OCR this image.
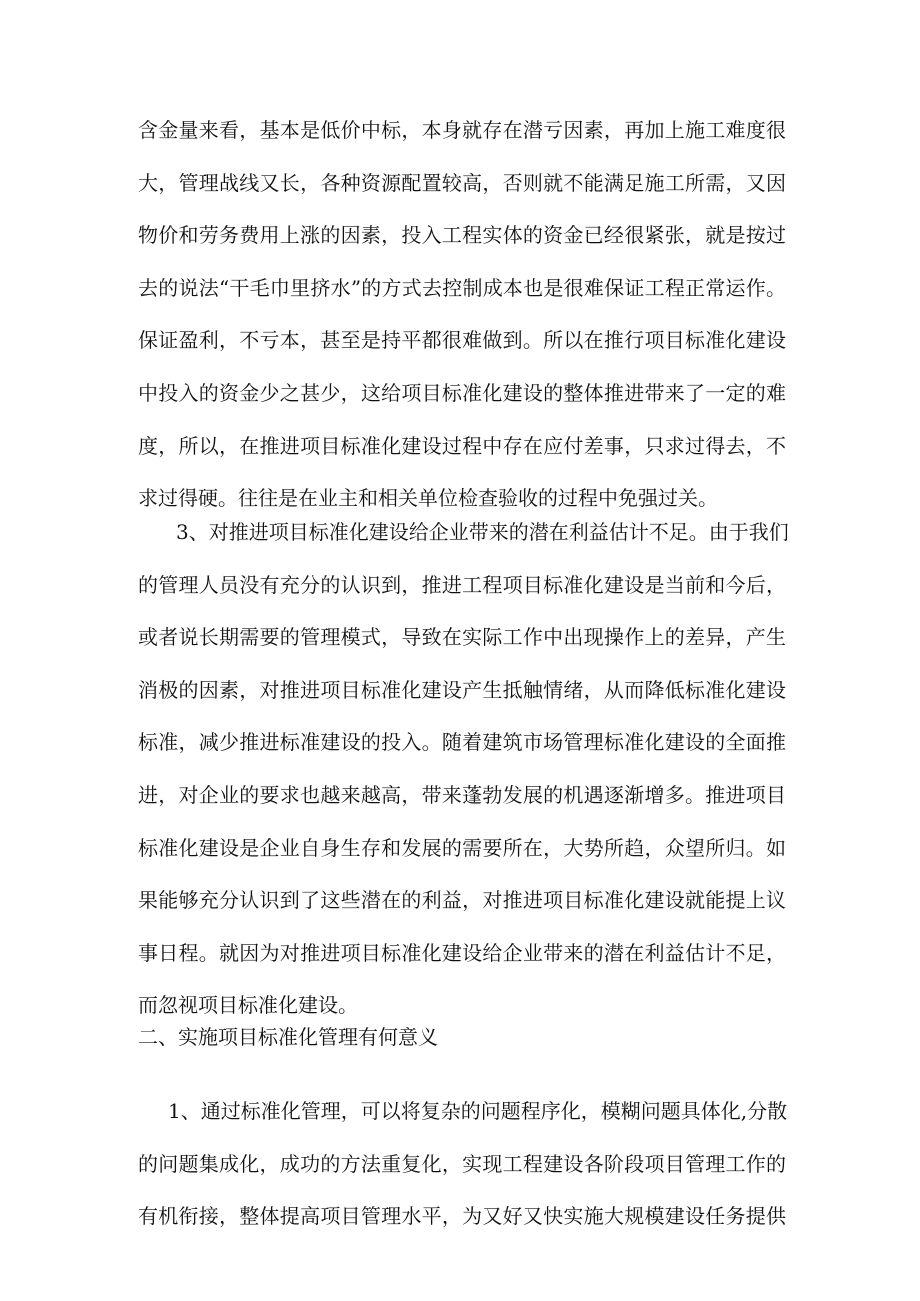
含金量来看，基本是低价中标，本身就存在潜亏因素，再加上施工难度很
大，管理战线又长，各种资源配置较高，否则就不能满足施工所需，又因
物价和劳务费用上涨的因素，投入工程实体的资金已经很紧张，就是按过
去的说法“干毛巾里挤水”的方式去控制成本也是很难保证工程正常运作。
保证盈利，不亏本，甚至是持平都很难做到。所以在推行项目标准化建设
中投入的资金少之甚少，这给项目标准化建设的整体推进带来了一定的难
度，所以，在推进项目标准化建设过程中存在应付差事，只求过得去，不
求过得硬。往往是在业主和相关单位检查验收的过程中免强过关。
3、对推进项目标准化建设给企业带来的潜在利益估计不足。由于我们
的管理人员没有充分的认识到，推进工程项目标准化建设是当前和今后，
或者说长期需要的管理模式，导致在实际工作中出现操作上的差异，产生
消极的因素，对推进项目标准化建设产生抵触情绪，从而降低标准化建设
标准，减少推进标准建设的投入。随着建筑市场管理标准化建设的全面推
进，对企业的要求也越来越高，带来蓬勃发展的机遇逐渐增多。推进项目
标准化建设是企业自身生存和发展的需要所在，大势所趋，众望所归。如
果能够充分认识到了这些潜在的利益，对推进项目标准化建设就能提上议
事日程。就因为对推进项目标准化建设给企业带来的潜在利益估计不足，
而忽视项目标准化建设。
二、实施项目标准化管理有何意义
1、通过标准化管理，可以将复杂的问题程序化，模糊问题具体化,分散
的问题集成化，成功的方法重复化，实现工程建设各阶段项目管理工作的
有机衔接，整体提高项目管理水平，为又好又快实施大规模建设任务提供
